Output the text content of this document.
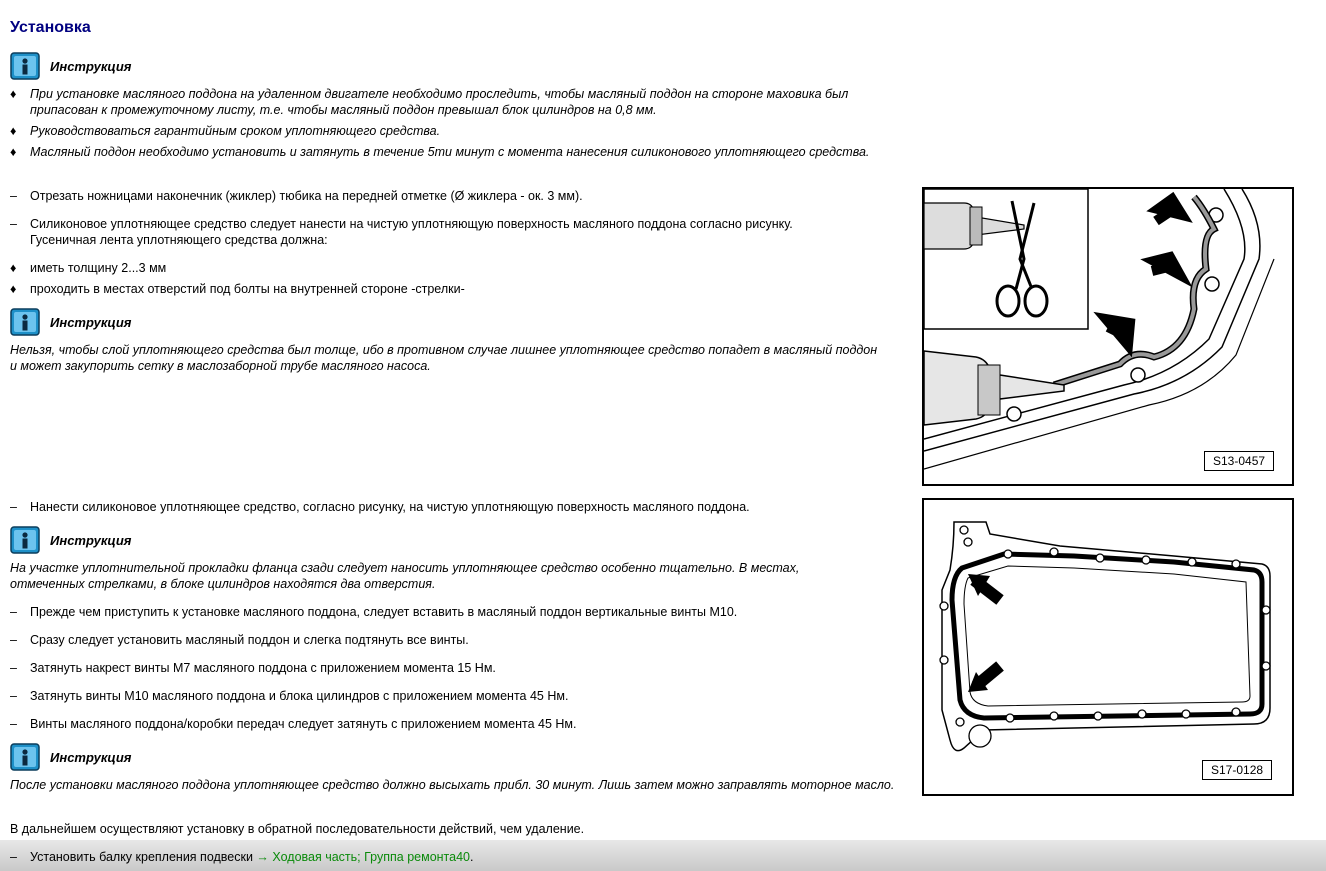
Установка
Инструкция
♦	При установке масляного поддона на удаленном двигателе необходимо проследить, чтобы масляный поддон на стороне маховика был припасован к промежуточному листу, т.е. чтобы масляный поддон превышал блок цилиндров на 0,8 мм.
♦	Руководствоваться гарантийным сроком уплотняющего средства.
♦	Масляный поддон необходимо установить и затянуть в течение 5ти минут с момента нанесения силиконового уплотняющего средства.
–	Отрезать ножницами наконечник (жиклер) тюбика на передней отметке (Ø жиклера - ок. 3 мм).
–	Силиконовое уплотняющее средство следует нанести на чистую уплотняющую поверхность масляного поддона согласно рисунку. Гусеничная лента уплотняющего средства должна:
♦	иметь толщину 2...3 мм
♦	проходить в местах отверстий под болты на внутренней стороне -стрелки-
Инструкция
Нельзя, чтобы слой уплотняющего средства был толще, ибо в противном случае лишнее уплотняющее средство попадет в масляный поддон и может закупорить сетку в маслозаборной трубе масляного насоса.
–	Нанести силиконовое уплотняющее средство, согласно рисунку, на чистую уплотняющую поверхность масляного поддона.
Инструкция
На участке уплотнительной прокладки фланца сзади следует наносить уплотняющее средство особенно тщательно. В местах, отмеченных стрелками, в блоке цилиндров находятся два отверстия.
–	Прежде чем приступить к установке масляного поддона, следует вставить в масляный поддон вертикальные винты М10.
–	Сразу следует установить масляный поддон и слегка подтянуть все винты.
–	Затянуть накрест винты М7 масляного поддона с приложением момента 15 Нм.
–	Затянуть винты М10 масляного поддона и блока цилиндров с приложением момента 45 Нм.
–	Винты масляного поддона/коробки передач следует затянуть с приложением момента 45 Нм.
Инструкция
После установки масляного поддона уплотняющее средство должно высыхать прибл. 30 минут. Лишь затем можно заправлять моторное масло.
В дальнейшем осуществляют установку в обратной последовательности действий, чем удаление.
S13-0457
S17-0128
–	Установить балку крепления подвески → Ходовая часть; Группа ремонта40.
